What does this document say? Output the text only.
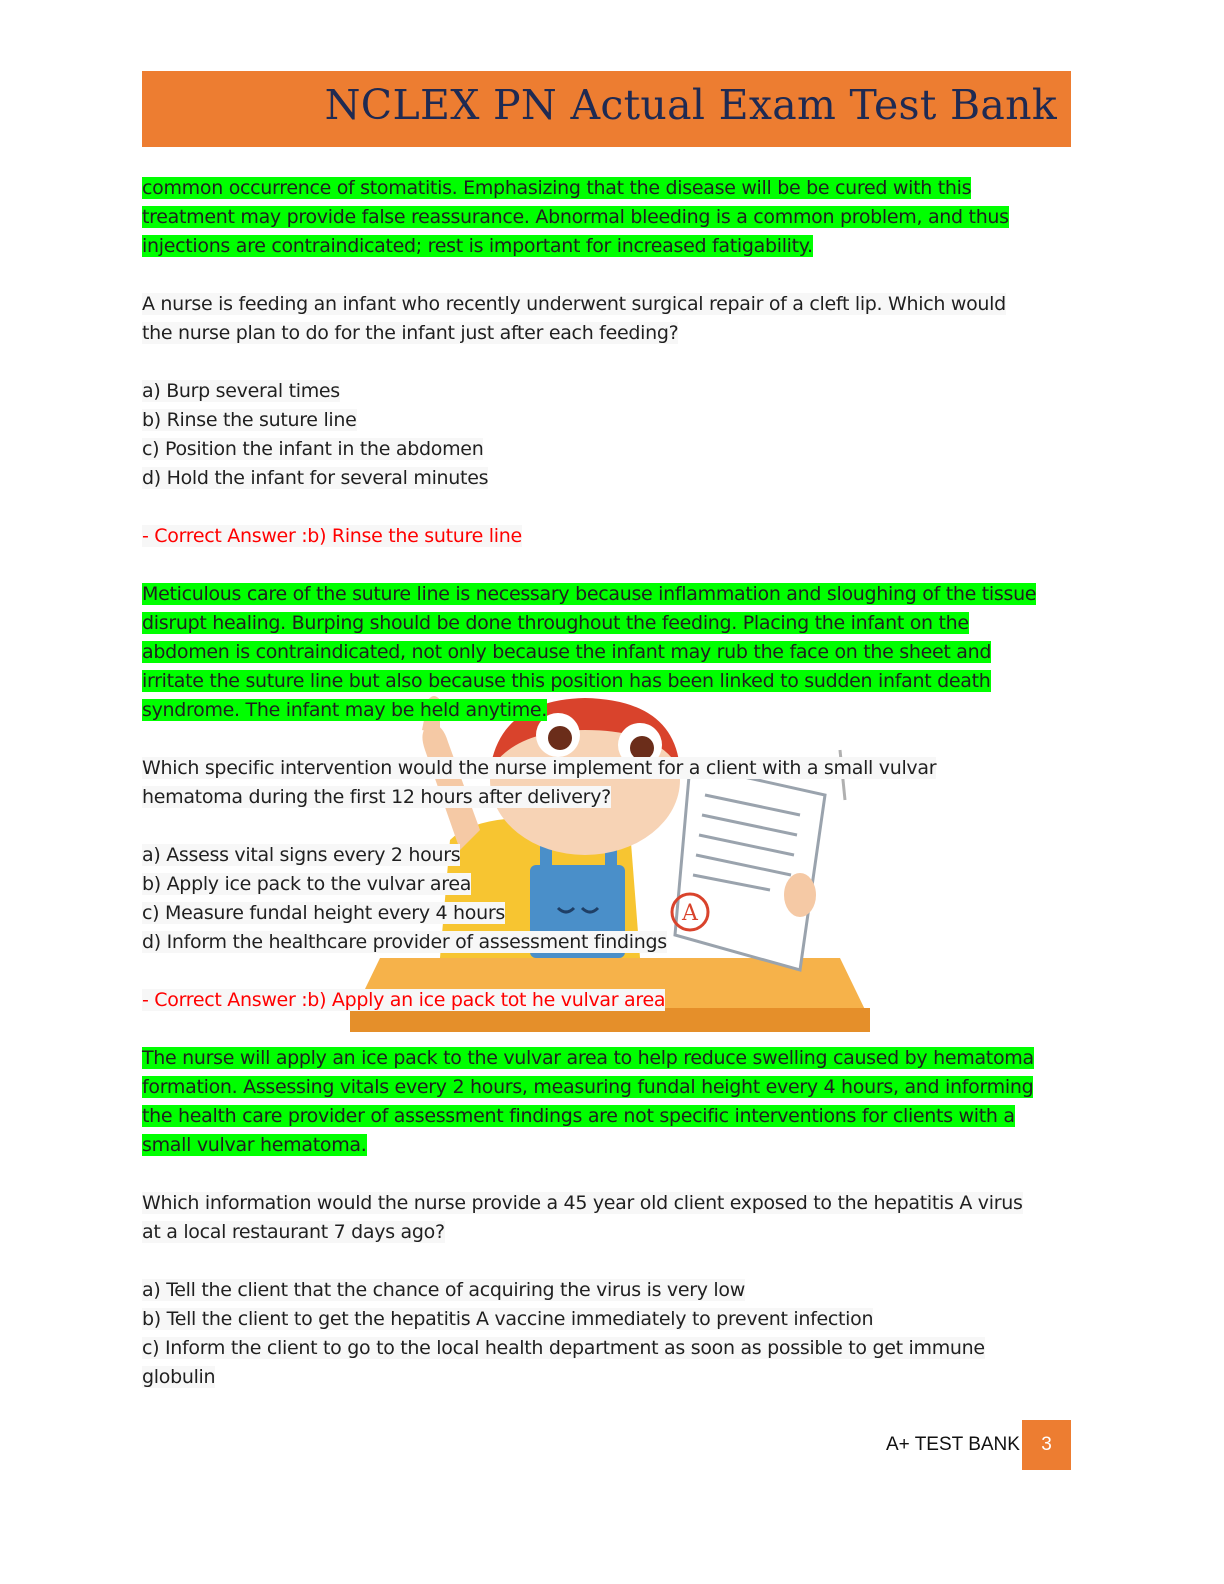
NCLEX PN Actual Exam Test Bank
A
common occurrence of stomatitis. Emphasizing that the disease will be be cured with this
treatment may provide false reassurance. Abnormal bleeding is a common problem, and thus
injections are contraindicated; rest is important for increased fatigability.
A nurse is feeding an infant who recently underwent surgical repair of a cleft lip. Which would
the nurse plan to do for the infant just after each feeding?
a) Burp several times
b) Rinse the suture line
c) Position the infant in the abdomen
d) Hold the infant for several minutes
- Correct Answer :b) Rinse the suture line
Meticulous care of the suture line is necessary because inflammation and sloughing of the tissue
disrupt healing. Burping should be done throughout the feeding. Placing the infant on the
abdomen is contraindicated, not only because the infant may rub the face on the sheet and
irritate the suture line but also because this position has been linked to sudden infant death
syndrome. The infant may be held anytime.
Which specific intervention would the nurse implement for a client with a small vulvar
hematoma during the first 12 hours after delivery?
a) Assess vital signs every 2 hours
b) Apply ice pack to the vulvar area
c) Measure fundal height every 4 hours
d) Inform the healthcare provider of assessment findings
- Correct Answer :b) Apply an ice pack tot he vulvar area
The nurse will apply an ice pack to the vulvar area to help reduce swelling caused by hematoma
formation. Assessing vitals every 2 hours, measuring fundal height every 4 hours, and informing
the health care provider of assessment findings are not specific interventions for clients with a
small vulvar hematoma.
Which information would the nurse provide a 45 year old client exposed to the hepatitis A virus
at a local restaurant 7 days ago?
a) Tell the client that the chance of acquiring the virus is very low
b) Tell the client to get the hepatitis A vaccine immediately to prevent infection
c) Inform the client to go to the local health department as soon as possible to get immune
globulin
A+ TEST BANK	3
